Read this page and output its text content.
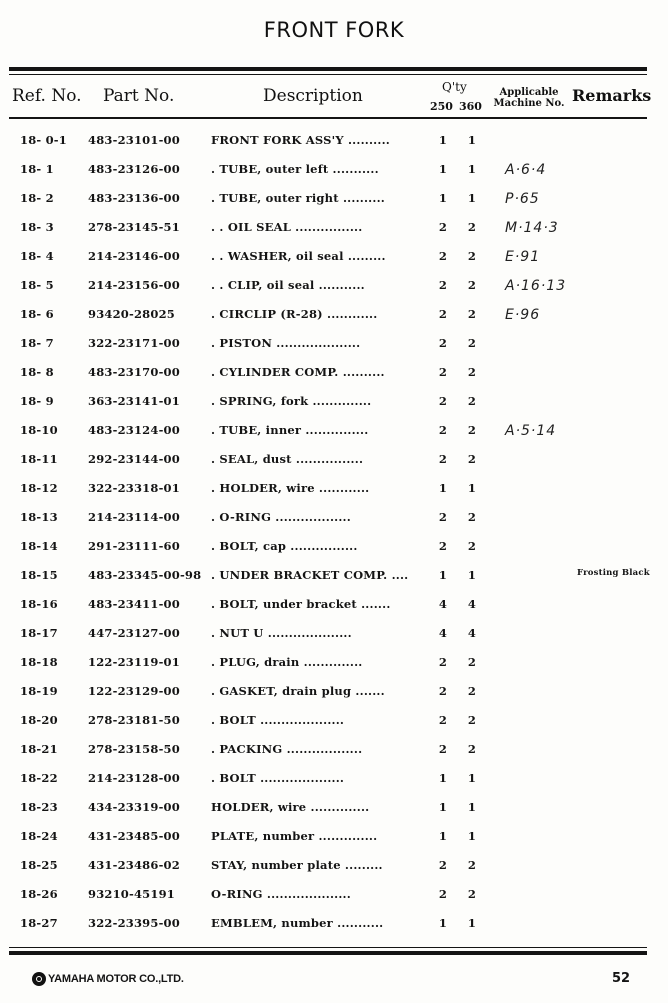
FRONT FORK
Ref. No. Part No.	Description	Q'ty
250 360
Applicable
Machine No. Remarks
18- 0-1 483-23101-00	FRONT FORK ASS'Y ..........	1 1
18- 1	483-23126-00	. TUBE, outer left ...........	1 1 A·6·4
18- 2	483-23136-00	. TUBE, outer right ..........	1 1 P·65
18- 3	278-23145-51	. . OIL SEAL ................	2 2 M·14·3
18- 4	214-23146-00	. . WASHER, oil seal .........	2 2 E·91
18- 5	214-23156-00	. . CLIP, oil seal ...........	2 2 A·16·13
18- 6	93420-28025	. CIRCLIP (R-28) ............	2 2 E·96
18- 7	322-23171-00	. PISTON ....................	2 2
18- 8	483-23170-00	. CYLINDER COMP. ..........	2 2
18- 9	363-23141-01	. SPRING, fork ..............	2 2
18-10	483-23124-00	. TUBE, inner ...............	2 2 A·5·14
18-11	292-23144-00	. SEAL, dust ................	2 2
18-12	322-23318-01	. HOLDER, wire ............	1 1
18-13	214-23114-00	. O-RING ..................	2 2
18-14	291-23111-60	. BOLT, cap ................	2 2
18-15	483-23345-00-98 . UNDER BRACKET COMP. ....	1 1	Frosting Black
18-16	483-23411-00	. BOLT, under bracket .......	4 4
18-17	447-23127-00	. NUT U ....................	4 4
18-18	122-23119-01	. PLUG, drain ..............	2 2
18-19	122-23129-00	. GASKET, drain plug .......	2 2
18-20	278-23181-50	. BOLT ....................	2 2
18-21	278-23158-50	. PACKING ..................	2 2
18-22	214-23128-00	. BOLT ....................	1 1
18-23	434-23319-00	HOLDER, wire ..............	1 1
18-24	431-23485-00	PLATE, number ..............	1 1
18-25	431-23486-02	STAY, number plate .........	2 2
18-26	93210-45191	O-RING ....................	2 2
18-27	322-23395-00	EMBLEM, number ...........	1 1
YAMAHA MOTOR CO.,LTD.	52
